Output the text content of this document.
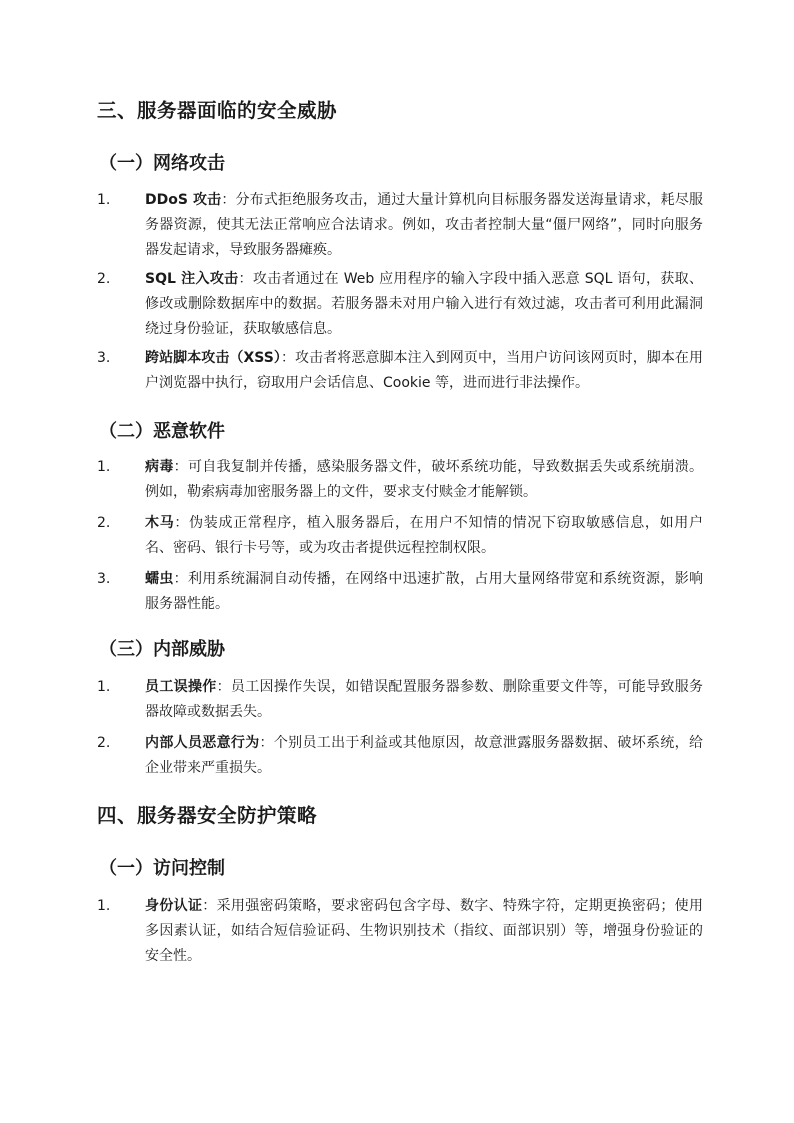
三、服务器面临的安全威胁
（一）网络攻击
1. DDoS 攻击：分布式拒绝服务攻击，通过大量计算机向目标服务器发送海量请求，耗尽服务器资源，使其无法正常响应合法请求。例如，攻击者控制大量“僵尸网络”，同时向服务器发起请求，导致服务器瘫痪。
2. SQL 注入攻击：攻击者通过在 Web 应用程序的输入字段中插入恶意 SQL 语句，获取、修改或删除数据库中的数据。若服务器未对用户输入进行有效过滤，攻击者可利用此漏洞绕过身份验证，获取敏感信息。
3. 跨站脚本攻击（XSS）：攻击者将恶意脚本注入到网页中，当用户访问该网页时，脚本在用户浏览器中执行，窃取用户会话信息、Cookie 等，进而进行非法操作。
（二）恶意软件
1. 病毒：可自我复制并传播，感染服务器文件，破坏系统功能，导致数据丢失或系统崩溃。例如，勒索病毒加密服务器上的文件，要求支付赎金才能解锁。
2. 木马：伪装成正常程序，植入服务器后，在用户不知情的情况下窃取敏感信息，如用户名、密码、银行卡号等，或为攻击者提供远程控制权限。
3. 蠕虫：利用系统漏洞自动传播，在网络中迅速扩散，占用大量网络带宽和系统资源，影响服务器性能。
（三）内部威胁
1. 员工误操作：员工因操作失误，如错误配置服务器参数、删除重要文件等，可能导致服务器故障或数据丢失。
2. 内部人员恶意行为：个别员工出于利益或其他原因，故意泄露服务器数据、破坏系统，给企业带来严重损失。
四、服务器安全防护策略
（一）访问控制
1. 身份认证：采用强密码策略，要求密码包含字母、数字、特殊字符，定期更换密码；使用多因素认证，如结合短信验证码、生物识别技术（指纹、面部识别）等，增强身份验证的安全性。
